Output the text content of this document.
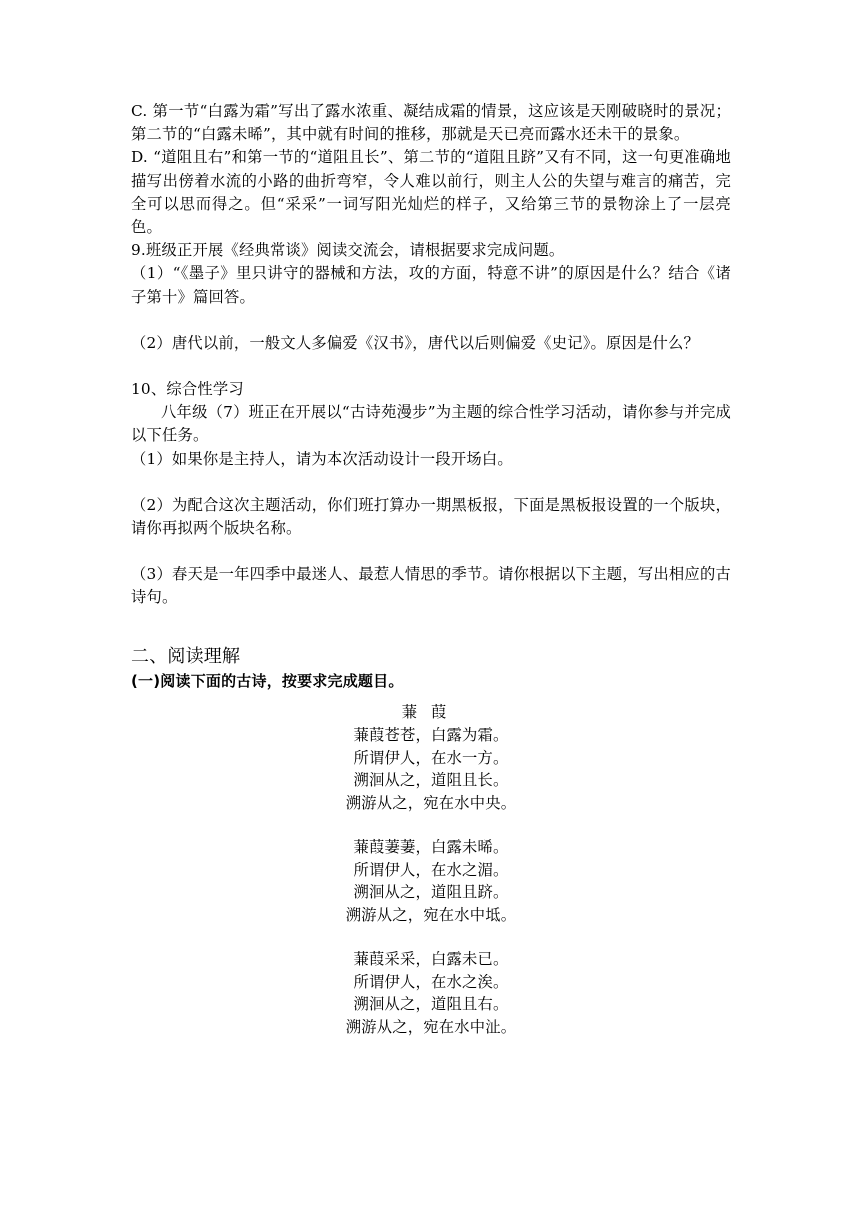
C. 第一节“白露为霜”写出了露水浓重、凝结成霜的情景，这应该是天刚破晓时的景况；第二节的“白露未晞”，其中就有时间的推移，那就是天已亮而露水还未干的景象。

D. “道阻且右”和第一节的“道阻且长”、第二节的“道阻且跻”又有不同，这一句更准确地描写出傍着水流的小路的曲折弯窄，令人难以前行，则主人公的失望与难言的痛苦，完全可以思而得之。但“采采”一词写阳光灿烂的样子，又给第三节的景物涂上了一层亮色。

9.班级正开展《经典常谈》阅读交流会，请根据要求完成问题。

（1）“《墨子》里只讲守的器械和方法，攻的方面，特意不讲”的原因是什么？结合《诸子第十》篇回答。

（2）唐代以前，一般文人多偏爱《汉书》，唐代以后则偏爱《史记》。原因是什么？

10、综合性学习

八年级（7）班正在开展以“古诗苑漫步”为主题的综合性学习活动，请你参与并完成以下任务。

（1）如果你是主持人，请为本次活动设计一段开场白。

（2）为配合这次主题活动，你们班打算办一期黑板报，下面是黑板报设置的一个版块，请你再拟两个版块名称。

（3）春天是一年四季中最迷人、最惹人情思的季节。请你根据以下主题，写出相应的古诗句。

二、阅读理解

(一)阅读下面的古诗，按要求完成题目。

蒹葭
蒹葭苍苍，白露为霜。
所谓伊人，在水一方。
溯洄从之，道阻且长。
溯游从之，宛在水中央。
蒹葭萋萋，白露未晞。
所谓伊人，在水之湄。
溯洄从之，道阻且跻。
溯游从之，宛在水中坻。
蒹葭采采，白露未已。
所谓伊人，在水之涘。
溯洄从之，道阻且右。
溯游从之，宛在水中沚。
